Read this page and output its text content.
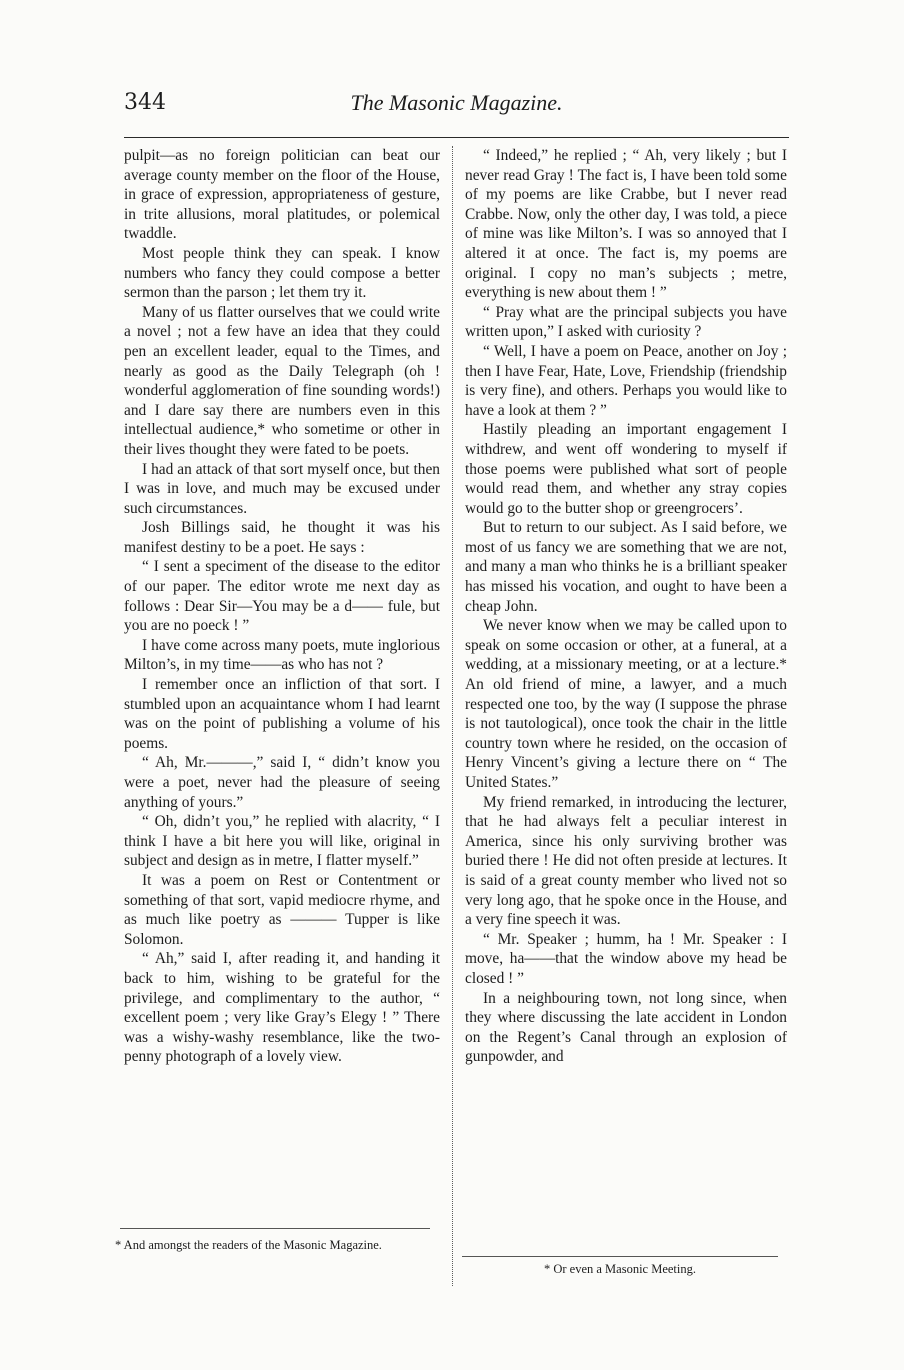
344	The Masonic Magazine.

pulpit—as no foreign politician can beat our average county member on the floor of the House, in grace of expression, appropriateness of gesture, in trite allusions, moral platitudes, or polemical twaddle.

Most people think they can speak. I know numbers who fancy they could compose a better sermon than the parson ; let them try it.

Many of us flatter ourselves that we could write a novel ; not a few have an idea that they could pen an excellent leader, equal to the Times, and nearly as good as the Daily Telegraph (oh ! wonderful agglomeration of fine sounding words!) and I dare say there are numbers even in this intellectual audience,* who sometime or other in their lives thought they were fated to be poets.

I had an attack of that sort myself once, but then I was in love, and much may be excused under such circumstances.

Josh Billings said, he thought it was his manifest destiny to be a poet. He says :

“ I sent a speciment of the disease to the editor of our paper. The editor wrote me next day as follows : Dear Sir—You may be a d—— fule, but you are no poeck ! ”

I have come across many poets, mute inglorious Milton’s, in my time——as who has not ?

I remember once an infliction of that sort. I stumbled upon an acquaintance whom I had learnt was on the point of publishing a volume of his poems.

“ Ah, Mr.———,” said I, “ didn’t know you were a poet, never had the pleasure of seeing anything of yours.”

“ Oh, didn’t you,” he replied with alacrity, “ I think I have a bit here you will like, original in subject and design as in metre, I flatter myself.”

It was a poem on Rest or Contentment or something of that sort, vapid mediocre rhyme, and as much like poetry as ——— Tupper is like Solomon.

“ Ah,” said I, after reading it, and handing it back to him, wishing to be grateful for the privilege, and complimentary to the author, “ excellent poem ; very like Gray’s Elegy ! ” There was a wishy-washy resemblance, like the two-penny photograph of a lovely view.

“ Indeed,” he replied ; “ Ah, very likely ; but I never read Gray ! The fact is, I have been told some of my poems are like Crabbe, but I never read Crabbe. Now, only the other day, I was told, a piece of mine was like Milton’s. I was so annoyed that I altered it at once. The fact is, my poems are original. I copy no man’s subjects ; metre, everything is new about them ! ”

“ Pray what are the principal subjects you have written upon,” I asked with curiosity ?

“ Well, I have a poem on Peace, another on Joy ; then I have Fear, Hate, Love, Friendship (friendship is very fine), and others. Perhaps you would like to have a look at them ? ”

Hastily pleading an important engagement I withdrew, and went off wondering to myself if those poems were published what sort of people would read them, and whether any stray copies would go to the butter shop or greengrocers’.

But to return to our subject. As I said before, we most of us fancy we are something that we are not, and many a man who thinks he is a brilliant speaker has missed his vocation, and ought to have been a cheap John.

We never know when we may be called upon to speak on some occasion or other, at a funeral, at a wedding, at a missionary meeting, or at a lecture.* An old friend of mine, a lawyer, and a much respected one too, by the way (I suppose the phrase is not tautological), once took the chair in the little country town where he resided, on the occasion of Henry Vincent’s giving a lecture there on “ The United States.”

My friend remarked, in introducing the lecturer, that he had always felt a peculiar interest in America, since his only surviving brother was buried there ! He did not often preside at lectures. It is said of a great county member who lived not so very long ago, that he spoke once in the House, and a very fine speech it was.

“ Mr. Speaker ; humm, ha ! Mr. Speaker : I move, ha——that the window above my head be closed ! ”

In a neighbouring town, not long since, when they where discussing the late accident in London on the Regent’s Canal through an explosion of gunpowder, and

* And amongst the readers of the Masonic Magazine.
* Or even a Masonic Meeting.
